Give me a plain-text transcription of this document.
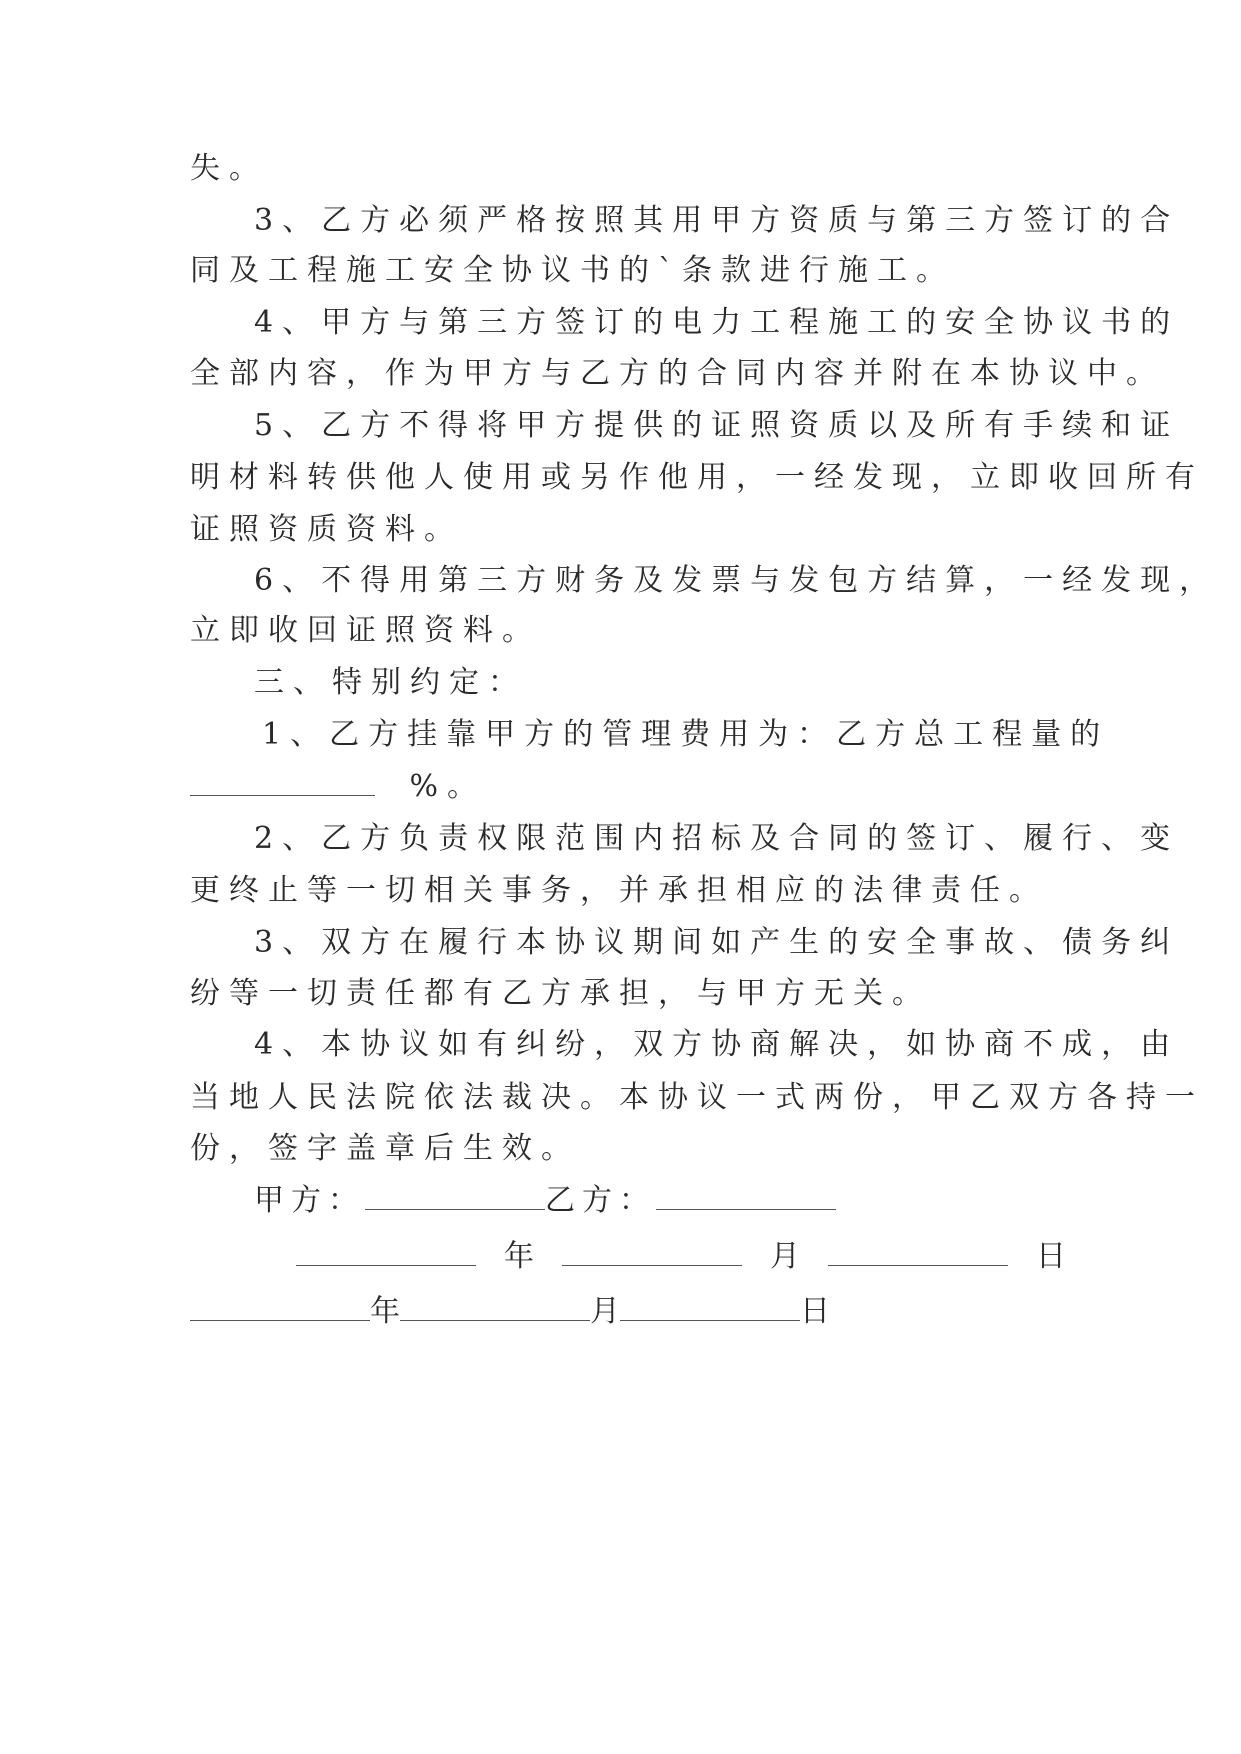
失。
3、乙方必须严格按照其用甲方资质与第三方签订的合
同及工程施工安全协议书的`条款进行施工。
4、甲方与第三方签订的电力工程施工的安全协议书的
全部内容，作为甲方与乙方的合同内容并附在本协议中。
5、乙方不得将甲方提供的证照资质以及所有手续和证
明材料转供他人使用或另作他用，一经发现，立即收回所有
证照资质资料。
6、不得用第三方财务及发票与发包方结算，一经发现，
立即收回证照资料。
三、特别约定：
1、乙方挂靠甲方的管理费用为：乙方总工程量的
%。
2、乙方负责权限范围内招标及合同的签订、履行、变
更终止等一切相关事务，并承担相应的法律责任。
3、双方在履行本协议期间如产生的安全事故、债务纠
纷等一切责任都有乙方承担，与甲方无关。
4、本协议如有纠纷，双方协商解决，如协商不成，由
当地人民法院依法裁决。本协议一式两份，甲乙双方各持一
份，签字盖章后生效。
甲方：	乙方：
年	月	日
年	月	日
